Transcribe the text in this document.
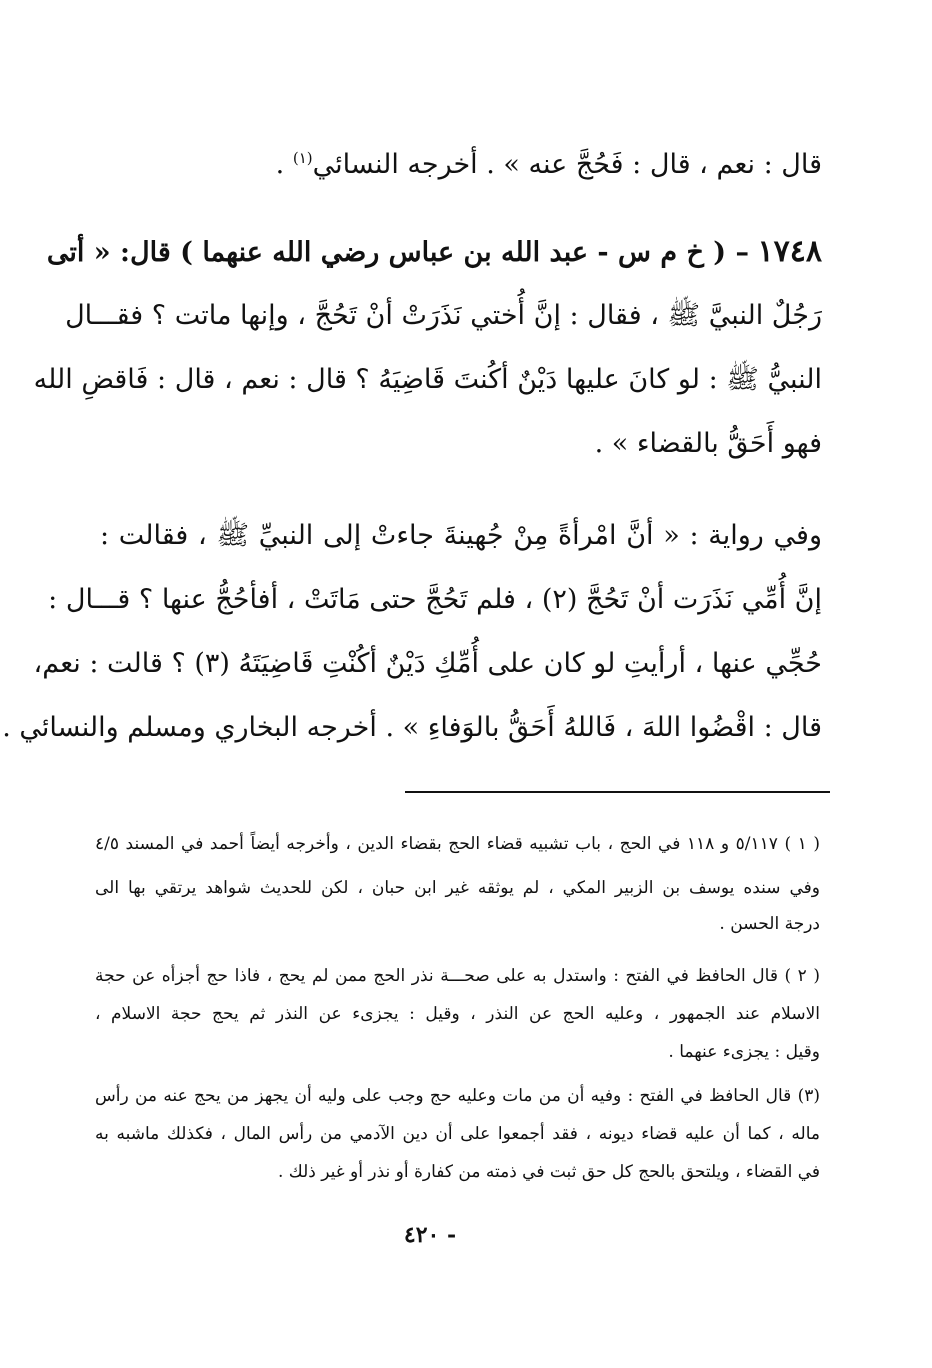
قال : نعم ، قال : فَحُجَّ عنه » . أخرجه النسائي$^{(١)}$ .
١٧٤٨ – ( خ م س - عبد الله بن عباس رضي الله عنهما ) قال: « أتى
رَجُلٌ النبيَّ ﷺ ، فقال : إنَّ أُختي نَذَرَتْ أنْ تَحُجَّ ، وإنها ماتت ؟ فقـــال
النبيُّ ﷺ : لو كانَ عليها دَيْنٌ أكُنتَ قَاضِيَهُ ؟ قال : نعم ، قال : فَاقضِ الله
فهو أَحَقُّ بالقضاء » .
وفي رواية : « أنَّ امْرأةً مِنْ جُهينةَ جاءتْ إلى النبيِّ ﷺ ، فقالت :
إنَّ أُمِّي نَذَرَت أنْ تَحُجَّ (٢) ، فلم تَحُجَّ حتى مَاتَتْ ، أفأحُجُّ عنها ؟ قـــال :
حُجِّي عنها ، أرأيتِ لو كان على أُمِّكِ دَيْنٌ أكُنْتِ قَاضِيَتَهُ (٣) ؟ قالت : نعم،
قال : اقْضُوا اللهَ ، فَاللهُ أَحَقُّ بالوَفاءِ » . أخرجه البخاري ومسلم والنسائي .
( ١ ) ٥/١١٧ و ١١٨ في الحج ، باب تشبيه قضاء الحج بقضاء الدين ، وأخرجه أيضاً أحمد في المسند ٤/٥
وفي سنده يوسف بن الزبير المكي ، لم يوثقه غير ابن حبان ، لكن للحديث شواهد يرتقي بها الى
درجة الحسن .
( ٢ ) قال الحافظ في الفتح : واستدل به على صحـــة نذر الحج ممن لم يحج ، فاذا حج أجزأه عن حجة
الاسلام عند الجمهور ، وعليه الحج عن النذر ، وقيل : يجزىء عن النذر ثم يحج حجة الاسلام ،
وقيل : يجزىء عنهما .
(٣) قال الحافظ في الفتح : وفيه أن من مات وعليه حج وجب على وليه أن يجهز من يحج عنه من رأس
ماله ، كما أن عليه قضاء ديونه ، فقد أجمعوا على أن دين الآدمي من رأس المال ، فكذلك ماشبه به
في القضاء ، ويلتحق بالحج كل حق ثبت في ذمته من كفارة أو نذر أو غير ذلك .
- ٤٢٠
